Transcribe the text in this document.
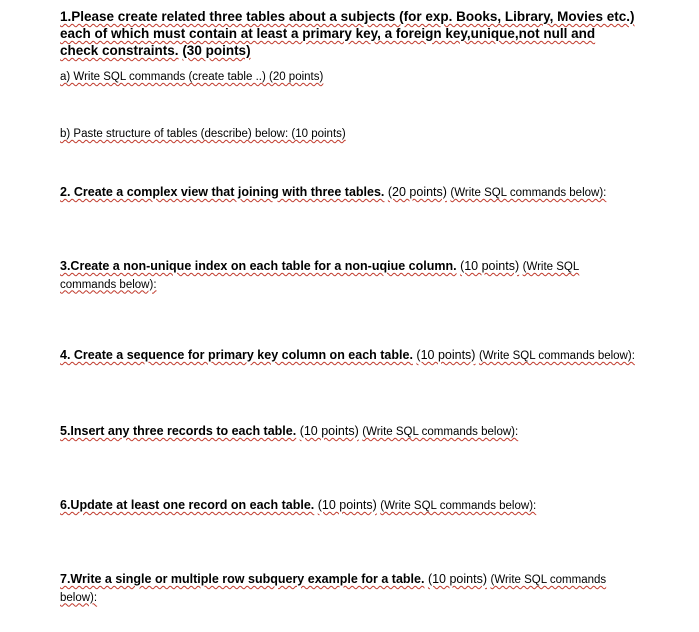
1.Please create related three tables about a subjects (for exp. Books, Library, Movies etc.) each of which must contain at least a primary key, a foreign key,unique,not null and check constraints. (30 points)
a) Write SQL commands (create table ..) (20 points)
b) Paste structure of tables (describe) below: (10 points)
2. Create a complex view that joining with three tables. (20 points) (Write SQL commands below):
3.Create a non-unique index on each table for a non-uqiue column. (10 points) (Write SQL commands below):
4. Create a sequence for primary key column on each table. (10 points) (Write SQL commands below):
5.Insert any three records to each table. (10 points) (Write SQL commands below):
6.Update at least one record on each table. (10 points) (Write SQL commands below):
7.Write a single or multiple row subquery example for a table. (10 points) (Write SQL commands below):
